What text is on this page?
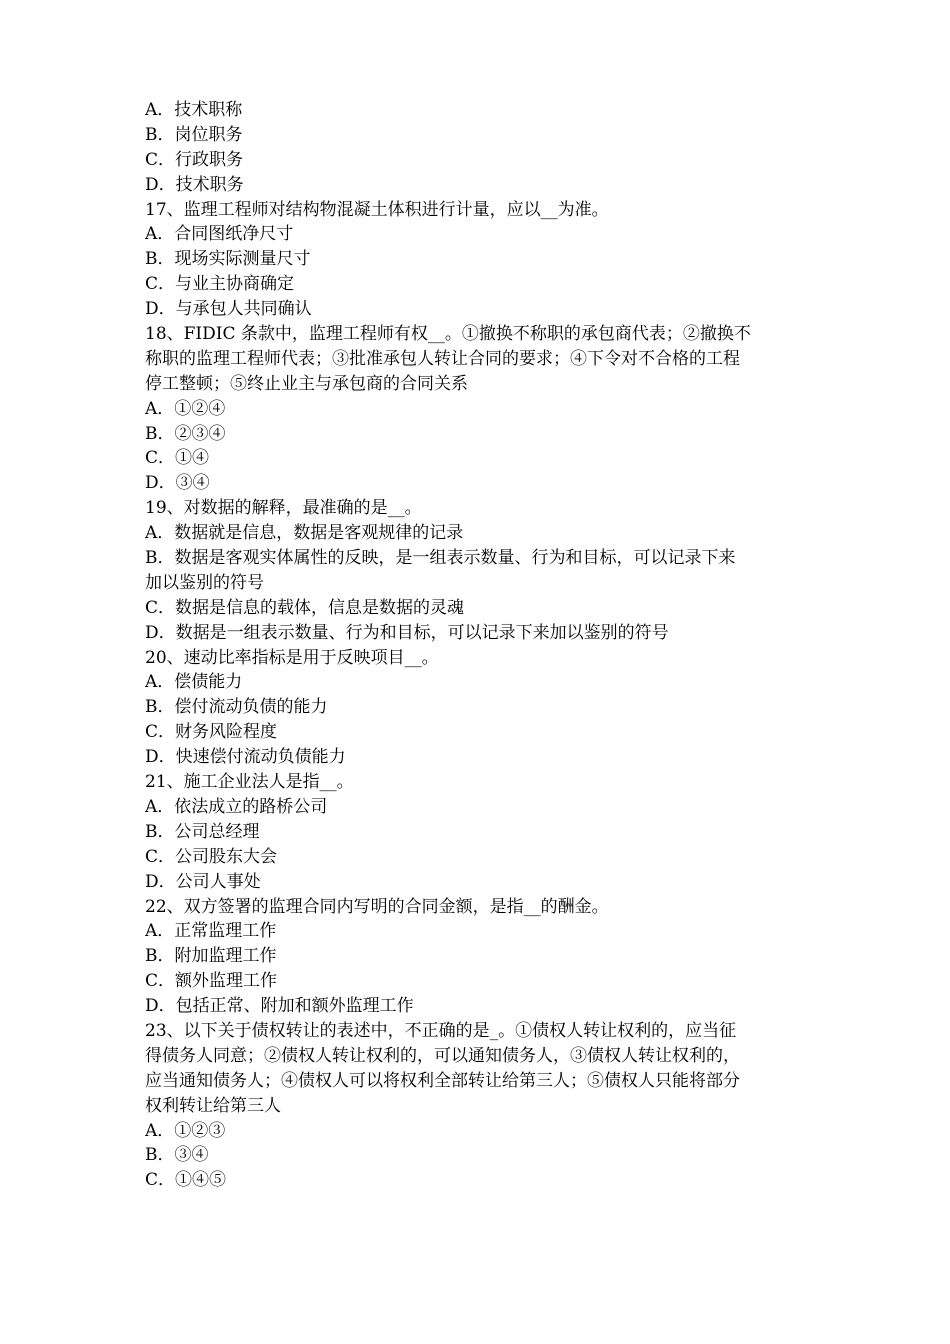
A．技术职称
B．岗位职务
C．行政职务
D．技术职务
17、监理工程师对结构物混凝土体积进行计量，应以__为准。
A．合同图纸净尺寸
B．现场实际测量尺寸
C．与业主协商确定
D．与承包人共同确认
18、FIDIC 条款中，监理工程师有权__。①撤换不称职的承包商代表；②撤换不
称职的监理工程师代表；③批准承包人转让合同的要求；④下令对不合格的工程
停工整顿；⑤终止业主与承包商的合同关系
A．①②④
B．②③④
C．①④
D．③④
19、对数据的解释，最准确的是__。
A．数据就是信息，数据是客观规律的记录
B．数据是客观实体属性的反映，是一组表示数量、行为和目标，可以记录下来
加以鉴别的符号
C．数据是信息的载体，信息是数据的灵魂
D．数据是一组表示数量、行为和目标，可以记录下来加以鉴别的符号
20、速动比率指标是用于反映项目__。
A．偿债能力
B．偿付流动负债的能力
C．财务风险程度
D．快速偿付流动负债能力
21、施工企业法人是指__。
A．依法成立的路桥公司
B．公司总经理
C．公司股东大会
D．公司人事处
22、双方签署的监理合同内写明的合同金额，是指__的酬金。
A．正常监理工作
B．附加监理工作
C．额外监理工作
D．包括正常、附加和额外监理工作
23、以下关于债权转让的表述中，不正确的是_。①债权人转让权利的，应当征
得债务人同意；②债权人转让权利的，可以通知债务人，③债权人转让权利的，
应当通知债务人；④债权人可以将权利全部转让给第三人；⑤债权人只能将部分
权利转让给第三人
A．①②③
B．③④
C．①④⑤
